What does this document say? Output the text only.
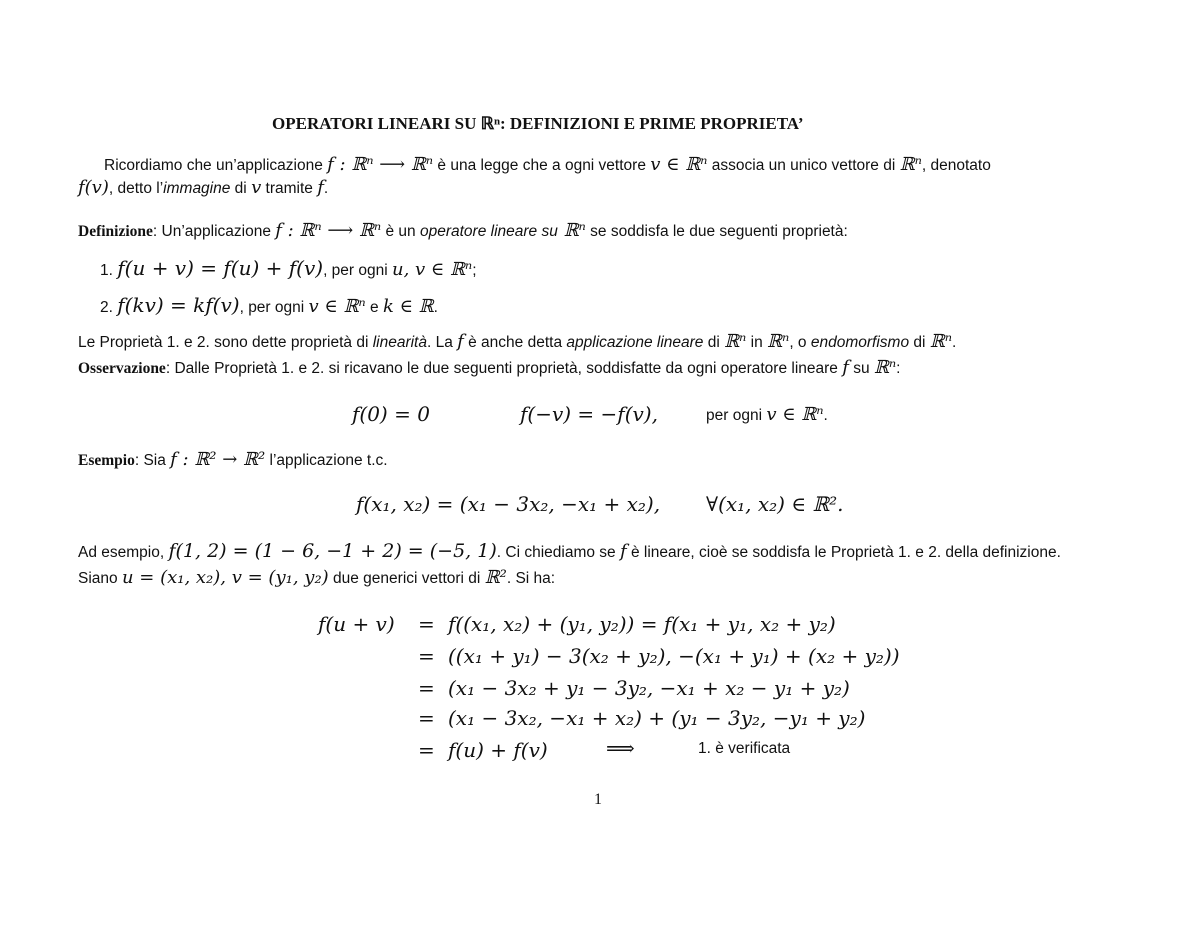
OPERATORI LINEARI SU ℝⁿ: DEFINIZIONI E PRIME PROPRIETA’
Ricordiamo che un’applicazione f : ℝⁿ ⟶ ℝⁿ è una legge che a ogni vettore v ∈ ℝⁿ associa un unico vettore di ℝⁿ, denotato
f(v), detto l’immagine di v tramite f.
Definizione: Un’applicazione f : ℝⁿ ⟶ ℝⁿ è un operatore lineare su ℝⁿ se soddisfa le due seguenti proprietà:
1. f(u + v) = f(u) + f(v), per ogni u, v ∈ ℝⁿ;
2. f(kv) = kf(v), per ogni v ∈ ℝⁿ e k ∈ ℝ.
Le Proprietà 1. e 2. sono dette proprietà di linearità. La f è anche detta applicazione lineare di ℝⁿ in ℝⁿ, o endomorfismo di ℝⁿ.
Osservazione: Dalle Proprietà 1. e 2. si ricavano le due seguenti proprietà, soddisfatte da ogni operatore lineare f su ℝⁿ:
f(0) = 0	f(−v) = −f(v),	per ogni v ∈ ℝⁿ.
Esempio: Sia f : ℝ² → ℝ² l’applicazione t.c.
f(x₁, x₂) = (x₁ − 3x₂, −x₁ + x₂), ∀(x₁, x₂) ∈ ℝ².
Ad esempio, f(1, 2) = (1 − 6, −1 + 2) = (−5, 1). Ci chiediamo se f è lineare, cioè se soddisfa le Proprietà 1. e 2. della definizione.
Siano u = (x₁, x₂), v = (y₁, y₂) due generici vettori di ℝ². Si ha:
f(u + v) = f((x₁, x₂) + (y₁, y₂)) = f(x₁ + y₁, x₂ + y₂)
= ((x₁ + y₁) − 3(x₂ + y₂), −(x₁ + y₁) + (x₂ + y₂))
= (x₁ − 3x₂ + y₁ − 3y₂, −x₁ + x₂ − y₁ + y₂)
= (x₁ − 3x₂, −x₁ + x₂) + (y₁ − 3y₂, −y₁ + y₂)
= f(u) + f(v)	⟹	1. è verificata
1
